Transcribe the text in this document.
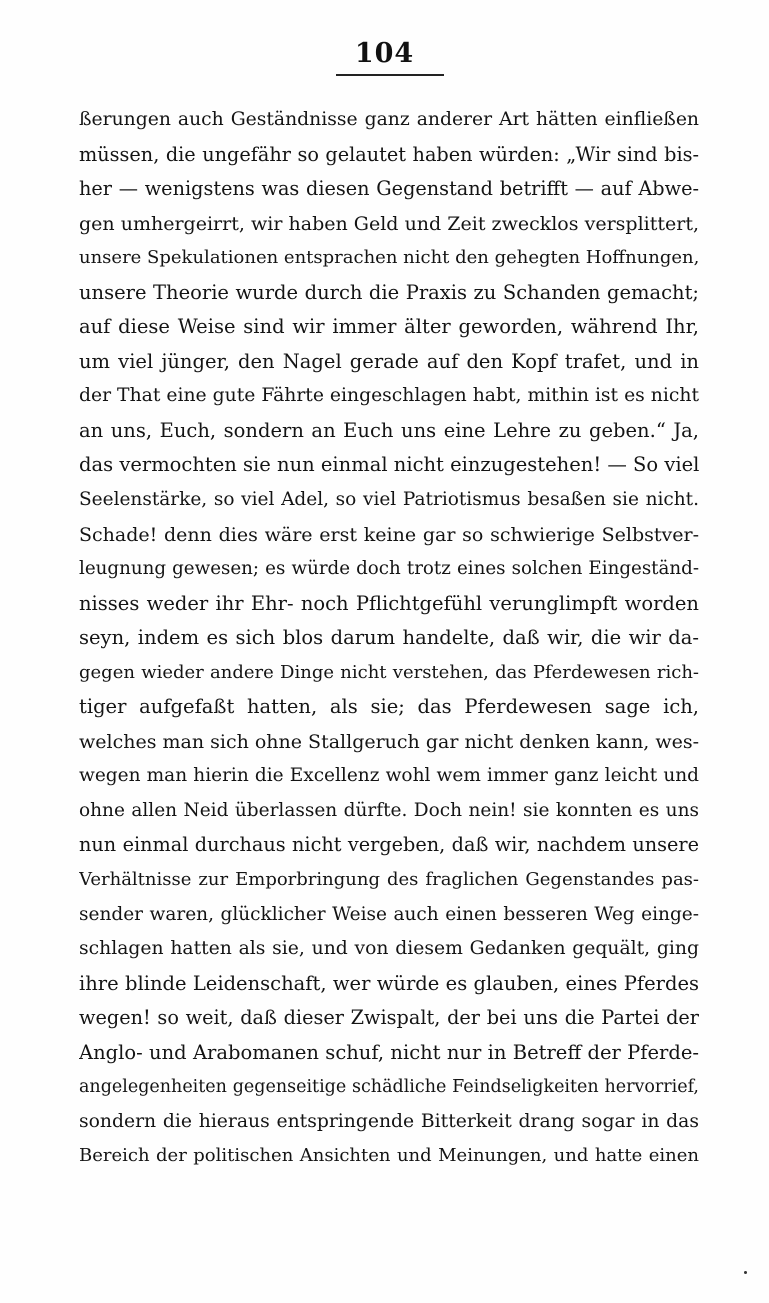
104
ßerungen auch Geständnisse ganz anderer Art hätten einfließen
müssen, die ungefähr so gelautet haben würden: „Wir sind bis-
her — wenigstens was diesen Gegenstand betrifft — auf Abwe-
gen umhergeirrt, wir haben Geld und Zeit zwecklos versplittert,
unsere Spekulationen entsprachen nicht den gehegten Hoffnungen,
unsere Theorie wurde durch die Praxis zu Schanden gemacht;
auf diese Weise sind wir immer älter geworden, während Ihr,
um viel jünger, den Nagel gerade auf den Kopf trafet, und in
der That eine gute Fährte eingeschlagen habt, mithin ist es nicht
an uns, Euch, sondern an Euch uns eine Lehre zu geben.“ Ja,
das vermochten sie nun einmal nicht einzugestehen! — So viel
Seelenstärke, so viel Adel, so viel Patriotismus besaßen sie nicht.
Schade! denn dies wäre erst keine gar so schwierige Selbstver-
leugnung gewesen; es würde doch trotz eines solchen Eingeständ-
nisses weder ihr Ehr- noch Pflichtgefühl verunglimpft worden
seyn, indem es sich blos darum handelte, daß wir, die wir da-
gegen wieder andere Dinge nicht verstehen, das Pferdewesen rich-
tiger aufgefaßt hatten, als sie; das Pferdewesen sage ich,
welches man sich ohne Stallgeruch gar nicht denken kann, wes-
wegen man hierin die Excellenz wohl wem immer ganz leicht und
ohne allen Neid überlassen dürfte. Doch nein! sie konnten es uns
nun einmal durchaus nicht vergeben, daß wir, nachdem unsere
Verhältnisse zur Emporbringung des fraglichen Gegenstandes pas-
sender waren, glücklicher Weise auch einen besseren Weg einge-
schlagen hatten als sie, und von diesem Gedanken gequält, ging
ihre blinde Leidenschaft, wer würde es glauben, eines Pferdes
wegen! so weit, daß dieser Zwispalt, der bei uns die Partei der
Anglo- und Arabomanen schuf, nicht nur in Betreff der Pferde-
angelegenheiten gegenseitige schädliche Feindseligkeiten hervorrief,
sondern die hieraus entspringende Bitterkeit drang sogar in das
Bereich der politischen Ansichten und Meinungen, und hatte einen
